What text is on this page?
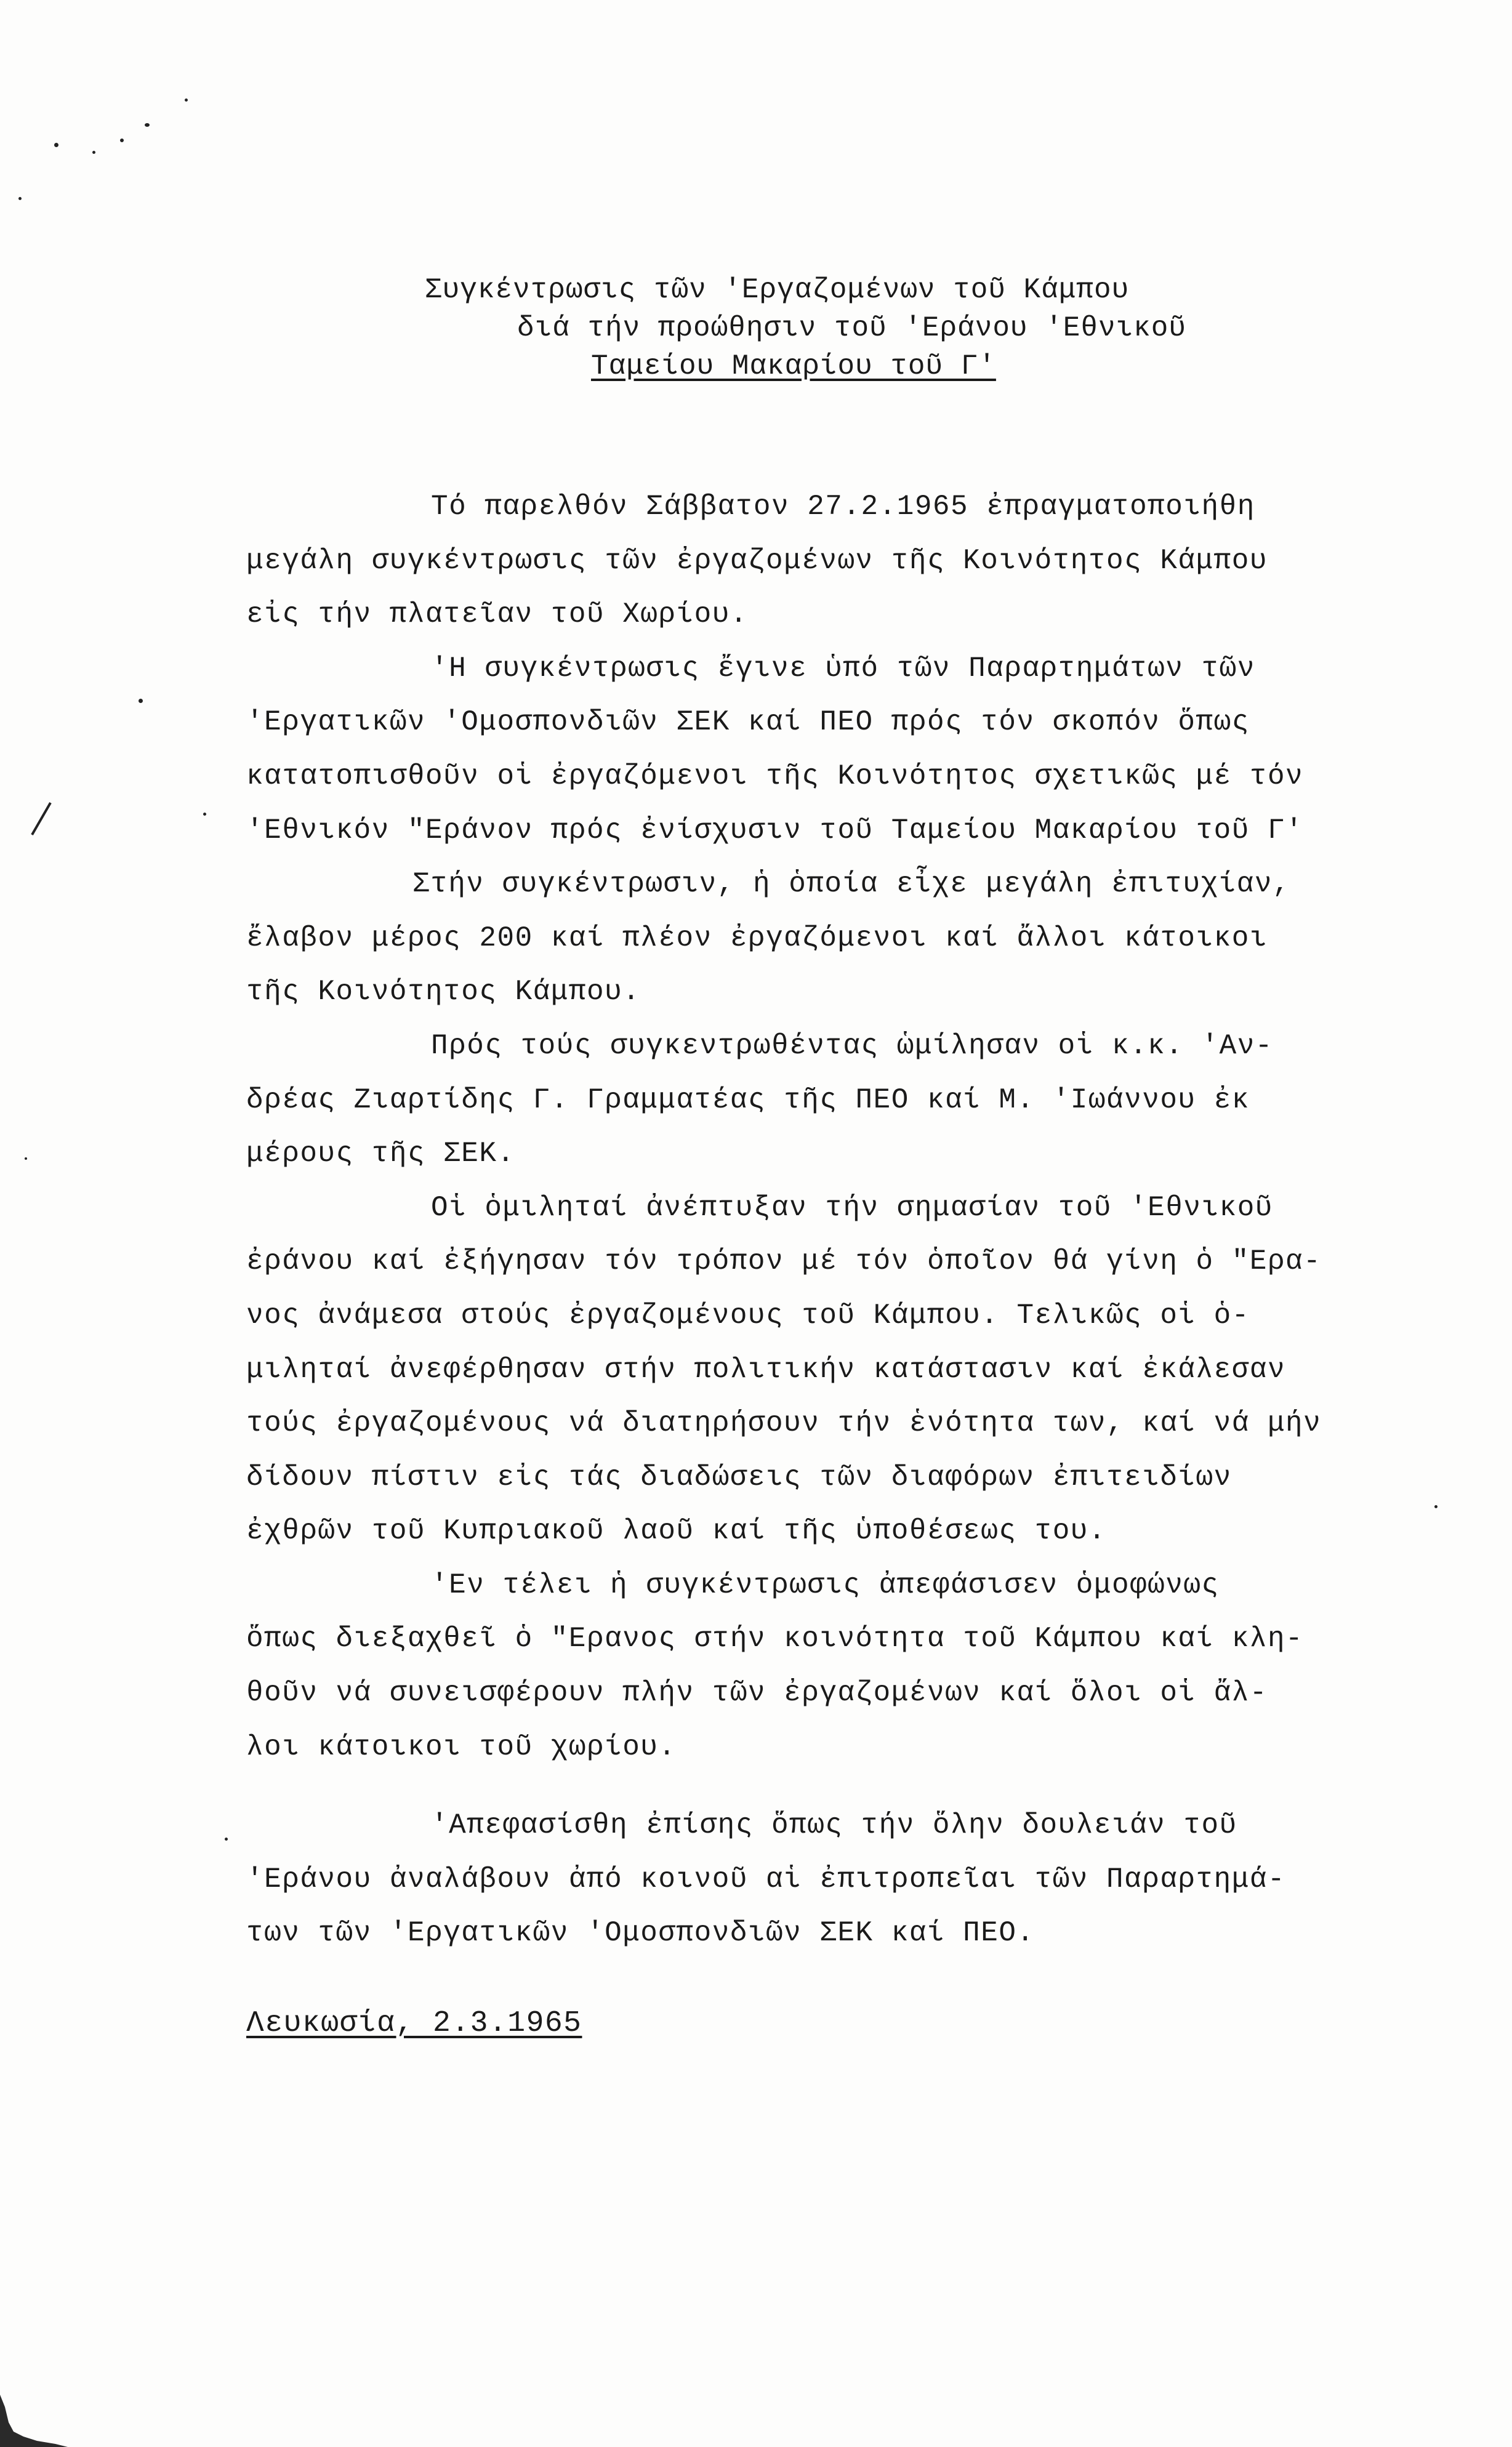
Συγκέντρωσις τῶν 'Εργαζομένων τοῦ Κάμπου
διά τήν προώθησιν τοῦ 'Εράνου 'Εθνικοῦ
Ταμείου Μακαρίου τοῦ Γ'
Τό παρελθόν Σάββατον 27.2.1965 ἐπραγματοποιήθη
μεγάλη συγκέντρωσις τῶν ἐργαζομένων τῆς Κοινότητος Κάμπου
εἰς τήν πλατεῖαν τοῦ Χωρίου.
'Η συγκέντρωσις ἔγινε ὑπό τῶν Παραρτημάτων τῶν
'Εργατικῶν 'Ομοσπονδιῶν ΣΕΚ καί ΠΕΟ πρός τόν σκοπόν ὅπως
κατατοπισθοῦν οἱ ἐργαζόμενοι τῆς Κοινότητος σχετικῶς μέ τόν
'Εθνικόν "Εράνον πρός ἐνίσχυσιν τοῦ Ταμείου Μακαρίου τοῦ Γ'
Στήν συγκέντρωσιν, ἡ ὁποία εἶχε μεγάλη ἐπιτυχίαν,
ἔλαβον μέρος 200 καί πλέον ἐργαζόμενοι καί ἄλλοι κάτοικοι
τῆς Κοινότητος Κάμπου.
Πρός τούς συγκεντρωθέντας ὡμίλησαν οἱ κ.κ. 'Αν-
δρέας Ζιαρτίδης Γ. Γραμματέας τῆς ΠΕΟ καί Μ. 'Ιωάννου ἐκ
μέρους τῆς ΣΕΚ.
Οἱ ὁμιληταί ἀνέπτυξαν τήν σημασίαν τοῦ 'Εθνικοῦ
ἐράνου καί ἐξήγησαν τόν τρόπον μέ τόν ὁποῖον θά γίνη ὁ "Ερα-
νος ἀνάμεσα στούς ἐργαζομένους τοῦ Κάμπου. Τελικῶς οἱ ὁ-
μιληταί ἀνεφέρθησαν στήν πολιτικήν κατάστασιν καί ἐκάλεσαν
τούς ἐργαζομένους νά διατηρήσουν τήν ἑνότητα των, καί νά μήν
δίδουν πίστιν εἰς τάς διαδώσεις τῶν διαφόρων ἐπιτειδίων
ἐχθρῶν τοῦ Κυπριακοῦ λαοῦ καί τῆς ὑποθέσεως του.
'Εν τέλει ἡ συγκέντρωσις ἀπεφάσισεν ὁμοφώνως
ὅπως διεξαχθεῖ ὁ "Ερανος στήν κοινότητα τοῦ Κάμπου καί κλη-
θοῦν νά συνεισφέρουν πλήν τῶν ἐργαζομένων καί ὅλοι οἱ ἄλ-
λοι κάτοικοι τοῦ χωρίου.
'Απεφασίσθη ἐπίσης ὅπως τήν ὅλην δουλειάν τοῦ
'Εράνου ἀναλάβουν ἀπό κοινοῦ αἱ ἐπιτροπεῖαι τῶν Παραρτημά-
των τῶν 'Εργατικῶν 'Ομοσπονδιῶν ΣΕΚ καί ΠΕΟ.
Λευκωσία, 2.3.1965
